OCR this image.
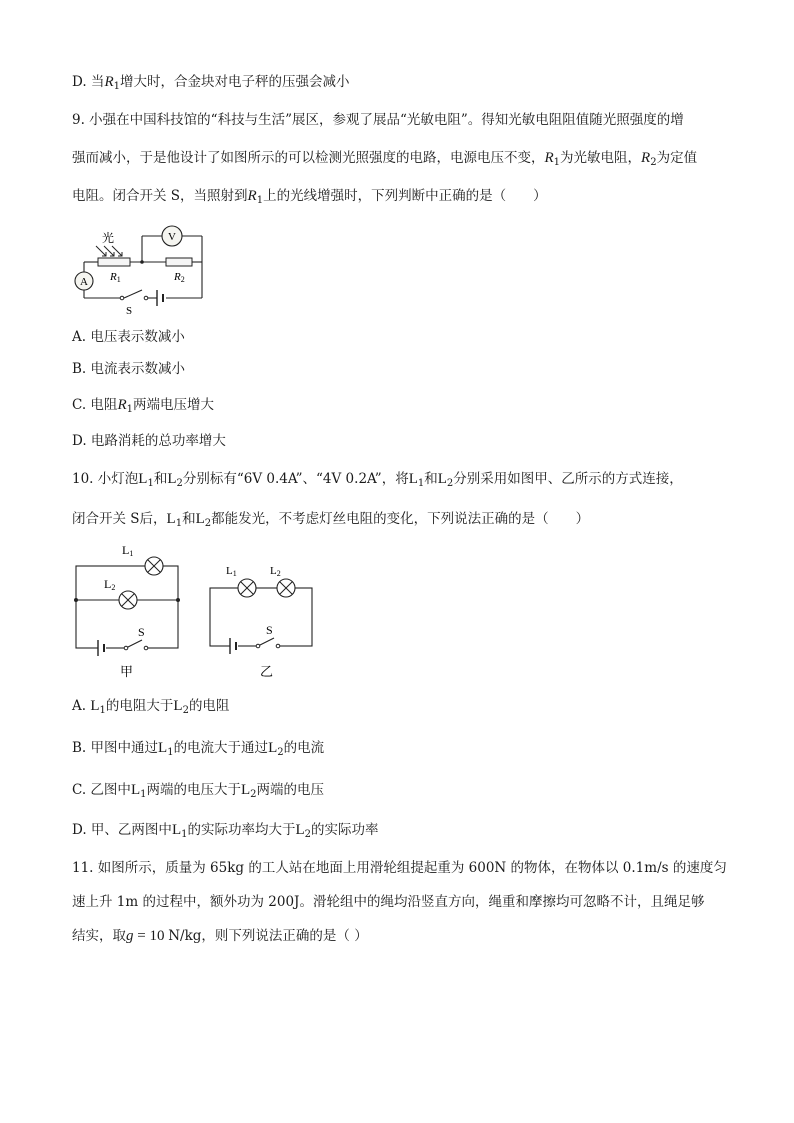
D. 当$R_1$增大时，合金块对电子秤的压强会减小
9. 小强在中国科技馆的“科技与生活”展区，参观了展品“光敏电阻”。得知光敏电阻阻值随光照强度的增
强而减小，于是他设计了如图所示的可以检测光照强度的电路，电源电压不变，$R_1$为光敏电阻，$R_2$为定值
电阻。闭合开关 S，当照射到$R_1$上的光线增强时，下列判断中正确的是（　　）
V
A
光
R1	R2
S
A. 电压表示数减小
B. 电流表示数减小
C. 电阻$R_1$两端电压增大
D. 电路消耗的总功率增大
10. 小灯泡$L_1$和$L_2$分别标有“6V 0.4A”、“4V 0.2A”，将$L_1$和$L_2$分别采用如图甲、乙所示的方式连接，
闭合开关 S后，$L_1$和$L_2$都能发光，不考虑灯丝电阻的变化，下列说法正确的是（　　）
L1
L2
S
甲
L1	L2
S
乙
A. $L_1$的电阻大于$L_2$的电阻
B. 甲图中通过$L_1$的电流大于通过$L_2$的电流
C. 乙图中$L_1$两端的电压大于$L_2$两端的电压
D. 甲、乙两图中$L_1$的实际功率均大于$L_2$的实际功率
11. 如图所示，质量为 65kg 的工人站在地面上用滑轮组提起重为 600N 的物体，在物体以 0.1m/s 的速度匀
速上升 1m 的过程中，额外功为 200J。滑轮组中的绳均沿竖直方向，绳重和摩擦均可忽略不计，且绳足够
结实，取g = 10 N/kg，则下列说法正确的是（ ）
